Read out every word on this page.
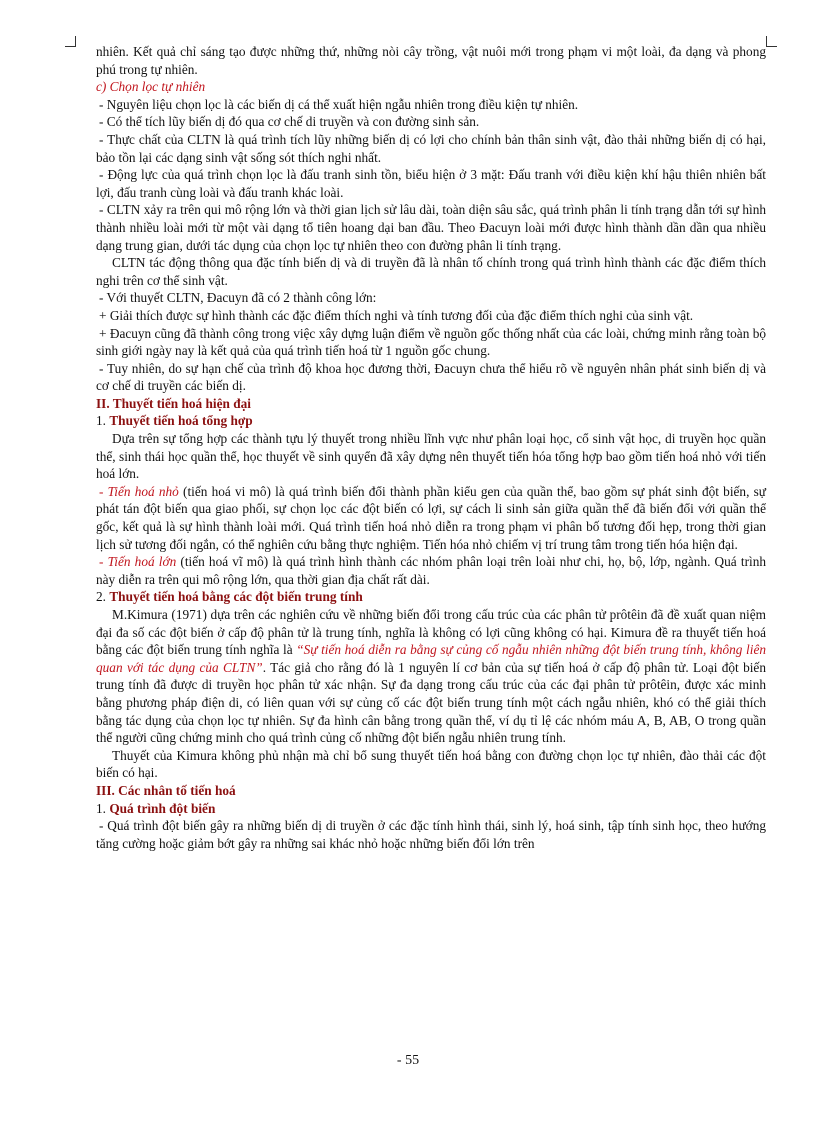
nhiên. Kết quả chỉ sáng tạo được những thứ, những nòi cây trồng, vật nuôi mới trong phạm vi một loài, đa dạng và phong phú trong tự nhiên.

c) Chọn lọc tự nhiên

- Nguyên liệu chọn lọc là các biến dị cá thể xuất hiện ngẫu nhiên trong điều kiện tự nhiên.

- Có thể tích lũy biến dị đó qua cơ chế di truyền và con đường sinh sản.

- Thực chất của CLTN là quá trình tích lũy những biến dị có lợi cho chính bản thân sinh vật, đào thải những biến dị có hại, bảo tồn lại các dạng sinh vật sống sót thích nghi nhất.

- Động lực của quá trình chọn lọc là đấu tranh sinh tồn, biểu hiện ở 3 mặt: Đấu tranh với điều kiện khí hậu thiên nhiên bất lợi, đấu tranh cùng loài và đấu tranh khác loài.

- CLTN xảy ra trên qui mô rộng lớn và thời gian lịch sử lâu dài, toàn diện sâu sắc, quá trình phân li tính trạng dẫn tới sự hình thành nhiều loài mới từ một vài dạng tổ tiên hoang dại ban đầu. Theo Đacuyn loài mới được hình thành dần dần qua nhiều dạng trung gian, dưới tác dụng của chọn lọc tự nhiên theo con đường phân li tính trạng.

CLTN tác động thông qua đặc tính biến dị và di truyền đã là nhân tố chính trong quá trình hình thành các đặc điểm thích nghi trên cơ thể sinh vật.

- Với thuyết CLTN, Đacuyn đã có 2 thành công lớn:

+ Giải thích được sự hình thành các đặc điểm thích nghi và tính tương đối của đặc điểm thích nghi của sinh vật.

+ Đacuyn cũng đã thành công trong việc xây dựng luận điểm về nguồn gốc thống nhất của các loài, chứng minh rằng toàn bộ sinh giới ngày nay là kết quả của quá trình tiến hoá từ 1 nguồn gốc chung.

- Tuy nhiên, do sự hạn chế của trình độ khoa học đương thời, Đacuyn chưa thể hiểu rõ về nguyên nhân phát sinh biến dị và cơ chế di truyền các biến dị.

II. Thuyết tiến hoá hiện đại

1. Thuyết tiến hoá tổng hợp

Dựa trên sự tổng hợp các thành tựu lý thuyết trong nhiều lĩnh vực như phân loại học, cổ sinh vật học, di truyền học quần thể, sinh thái học quần thể, học thuyết về sinh quyển đã xây dựng nên thuyết tiến hóa tổng hợp bao gồm tiến hoá nhỏ với tiến hoá lớn.

- Tiến hoá nhỏ (tiến hoá vi mô) là quá trình biến đổi thành phần kiểu gen của quần thể, bao gồm sự phát sinh đột biến, sự phát tán đột biến qua giao phối, sự chọn lọc các đột biến có lợi, sự cách li sinh sản giữa quần thể đã biến đổi với quần thể gốc, kết quả là sự hình thành loài mới. Quá trình tiến hoá nhỏ diễn ra trong phạm vi phân bố tương đối hẹp, trong thời gian lịch sử tương đối ngắn, có thể nghiên cứu bằng thực nghiệm. Tiến hóa nhỏ chiếm vị trí trung tâm trong tiến hóa hiện đại.

- Tiến hoá lớn (tiến hoá vĩ mô) là quá trình hình thành các nhóm phân loại trên loài như chi, họ, bộ, lớp, ngành. Quá trình này diễn ra trên qui mô rộng lớn, qua thời gian địa chất rất dài.

2. Thuyết tiến hoá bằng các đột biến trung tính

M.Kimura (1971) dựa trên các nghiên cứu về những biến đổi trong cấu trúc của các phân tử prôtêin đã đề xuất quan niệm đại đa số các đột biến ở cấp độ phân tử là trung tính, nghĩa là không có lợi cũng không có hại. Kimura đề ra thuyết tiến hoá bằng các đột biến trung tính nghĩa là “Sự tiến hoá diễn ra bằng sự củng cố ngẫu nhiên những đột biến trung tính, không liên quan với tác dụng của CLTN”. Tác giả cho rằng đó là 1 nguyên lí cơ bản của sự tiến hoá ở cấp độ phân tử. Loại đột biến trung tính đã được di truyền học phân tử xác nhận. Sự đa dạng trong cấu trúc của các đại phân tử prôtêin, được xác minh bằng phương pháp điện di, có liên quan với sự củng cố các đột biến trung tính một cách ngẫu nhiên, khó có thể giải thích bằng tác dụng của chọn lọc tự nhiên. Sự đa hình cân bằng trong quần thể, ví dụ tỉ lệ các nhóm máu A, B, AB, O trong quần thể người cũng chứng minh cho quá trình củng cố những đột biến ngẫu nhiên trung tính.

Thuyết của Kimura không phủ nhận mà chỉ bổ sung thuyết tiến hoá bằng con đường chọn lọc tự nhiên, đào thải các đột biến có hại.

III. Các nhân tố tiến hoá

1. Quá trình đột biến

- Quá trình đột biến gây ra những biến dị di truyền ở các đặc tính hình thái, sinh lý, hoá sinh, tập tính sinh học, theo hướng tăng cường hoặc giảm bớt gây ra những sai khác nhỏ hoặc những biến đổi lớn trên

- 55
